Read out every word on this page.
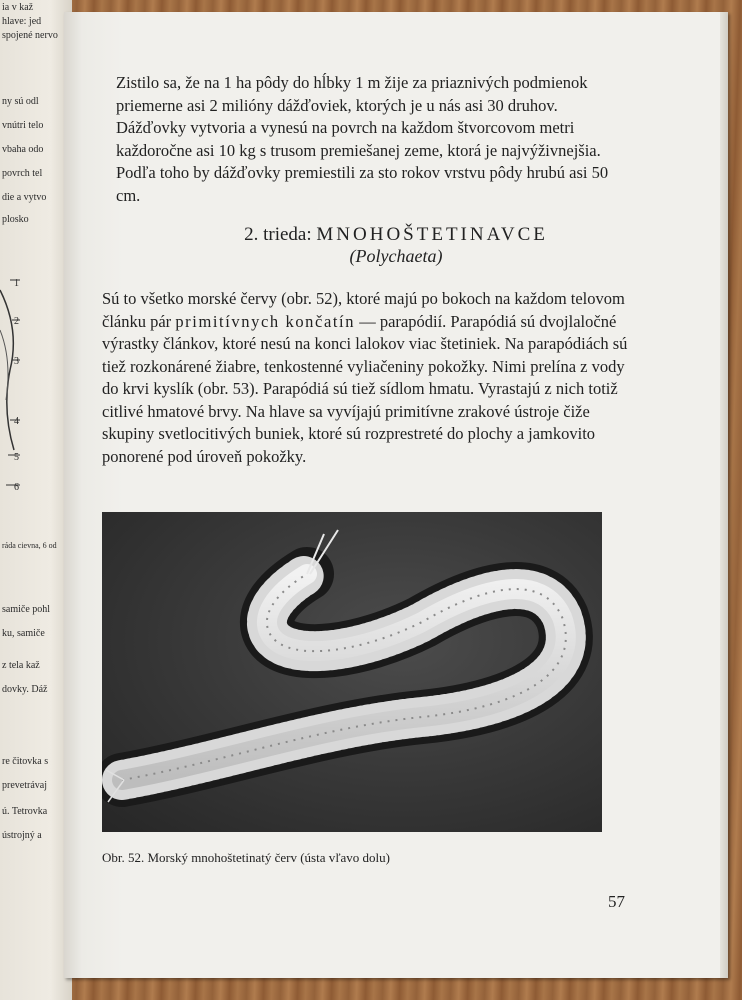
ia v kaž
hlave: jed
spojené nervo
ny sú odl
vnútri telo
vbaha odo
povrch tel
die a vytvo
plosko
1
2
3
4
5
6
ráda cievna, 6 od
samiče pohl
ku, samiče
z tela kaž
dovky. Dáž
re čitovka s
prevetrávaj
ú. Tetrovka
ústrojný a
Zistilo sa, že na 1 ha pôdy do hĺbky 1 m žije za priaznivých podmienok priemerne asi 2 milióny dážďoviek, ktorých je u nás asi 30 druhov. Dážďovky vytvoria a vynesú na povrch na každom štvorcovom metri každoročne asi 10 kg s trusom premiešanej zeme, ktorá je najvýživnejšia. Podľa toho by dážďovky premiestili za sto rokov vrstvu pôdy hrubú asi 50 cm.
2. trieda: MNOHOŠTETINAVCE
(Polychaeta)
Sú to všetko morské červy (obr. 52), ktoré majú po bokoch na každom telovom článku pár primitívnych končatín — parapódií. Parapódiá sú dvojlaločné výrastky článkov, ktoré nesú na konci lalokov viac štetiniek. Na parapódiách sú tiež rozkonárené žiabre, tenkostenné vyliačeniny pokožky. Nimi prelína z vody do krvi kyslík (obr. 53). Parapódiá sú tiež sídlom hmatu. Vyrastajú z nich totiž citlivé hmatové brvy. Na hlave sa vyvíjajú primitívne zrakové ústroje čiže skupiny svetlocitivých buniek, ktoré sú rozprestreté do plochy a jamkovito ponorené pod úroveň pokožky.
Obr. 52. Morský mnohoštetinatý červ (ústa vľavo dolu)
57
